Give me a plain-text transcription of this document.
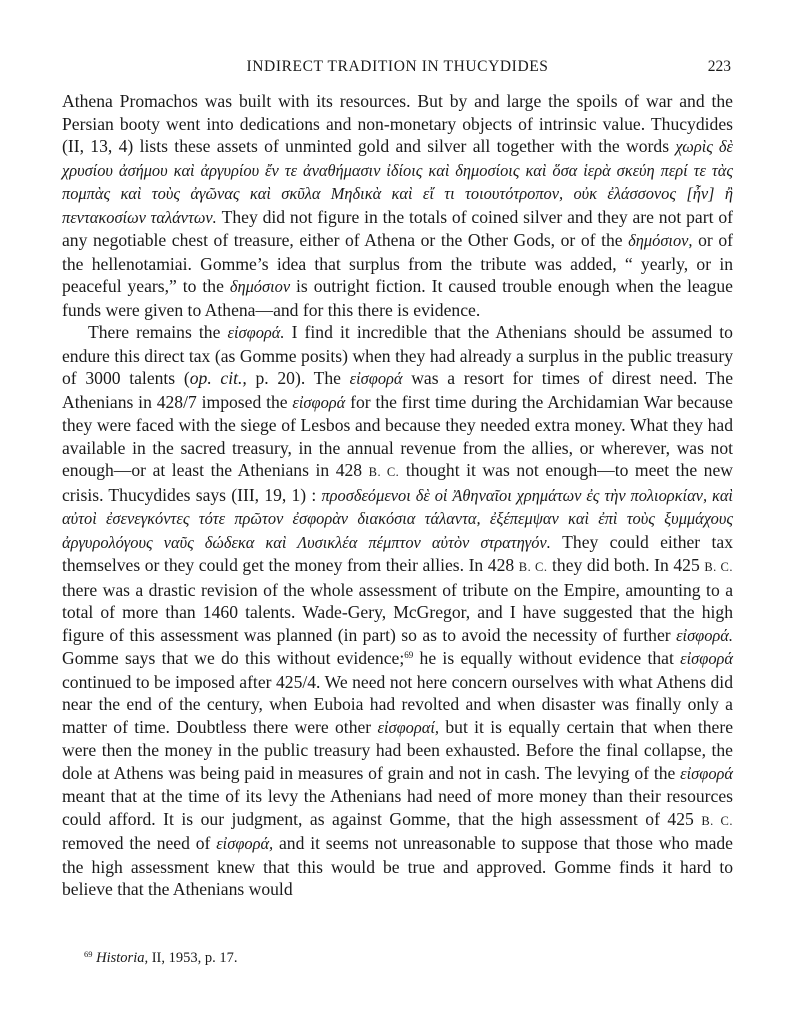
INDIRECT TRADITION IN THUCYDIDES	223

Athena Promachos was built with its resources. But by and large the spoils of war and the Persian booty went into dedications and non-monetary objects of intrinsic value. Thucydides (II, 13, 4) lists these assets of unminted gold and silver all together with the words χωρὶς δὲ χρυσίου ἀσήμου καὶ ἀργυρίου ἔν τε ἀναθήμασιν ἰδίοις καὶ δημοσίοις καὶ ὅσα ἱερὰ σκεύη περί τε τὰς πομπὰς καὶ τοὺς ἀγῶνας καὶ σκῦλα Μηδικὰ καὶ εἴ τι τοιουτότροπον, οὐκ ἐλάσσονος [ἦν] ἢ πεντακοσίων ταλάντων. They did not figure in the totals of coined silver and they are not part of any negotiable chest of treasure, either of Athena or the Other Gods, or of the δημόσιον, or of the hellenotamiai. Gomme’s idea that surplus from the tribute was added, “ yearly, or in peaceful years,” to the δημόσιον is outright fiction. It caused trouble enough when the league funds were given to Athena—and for this there is evidence.

There remains the εἰσφορά. I find it incredible that the Athenians should be assumed to endure this direct tax (as Gomme posits) when they had already a surplus in the public treasury of 3000 talents (op. cit., p. 20). The εἰσφορά was a resort for times of direst need. The Athenians in 428/7 imposed the εἰσφορά for the first time during the Archidamian War because they were faced with the siege of Lesbos and because they needed extra money. What they had available in the sacred treasury, in the annual revenue from the allies, or wherever, was not enough—or at least the Athenians in 428 B. C. thought it was not enough—to meet the new crisis. Thucydides says (III, 19, 1) : προσδεόμενοι δὲ οἱ Ἀθηναῖοι χρημάτων ἐς τὴν πολιορκίαν, καὶ αὐτοὶ ἐσενεγκόντες τότε πρῶτον ἐσφορὰν διακόσια τάλαντα, ἐξέπεμψαν καὶ ἐπὶ τοὺς ξυμμάχους ἀργυρολόγους ναῦς δώδεκα καὶ Λυσικλέα πέμπτον αὐτὸν στρατηγόν. They could either tax themselves or they could get the money from their allies. In 428 B. C. they did both. In 425 B. C. there was a drastic revision of the whole assessment of tribute on the Empire, amounting to a total of more than 1460 talents. Wade-Gery, McGregor, and I have suggested that the high figure of this assessment was planned (in part) so as to avoid the necessity of further εἰσφορά. Gomme says that we do this without evidence;$^{69}$ he is equally without evidence that εἰσφορά continued to be imposed after 425/4. We need not here concern ourselves with what Athens did near the end of the century, when Euboia had revolted and when disaster was finally only a matter of time. Doubtless there were other εἰσφοραί, but it is equally certain that when there were then the money in the public treasury had been exhausted. Before the final collapse, the dole at Athens was being paid in measures of grain and not in cash. The levying of the εἰσφορά meant that at the time of its levy the Athenians had need of more money than their resources could afford. It is our judgment, as against Gomme, that the high assessment of 425 B. C. removed the need of εἰσφορά, and it seems not unreasonable to suppose that those who made the high assessment knew that this would be true and approved. Gomme finds it hard to believe that the Athenians would

$^{69}$ Historia, II, 1953, p. 17.
